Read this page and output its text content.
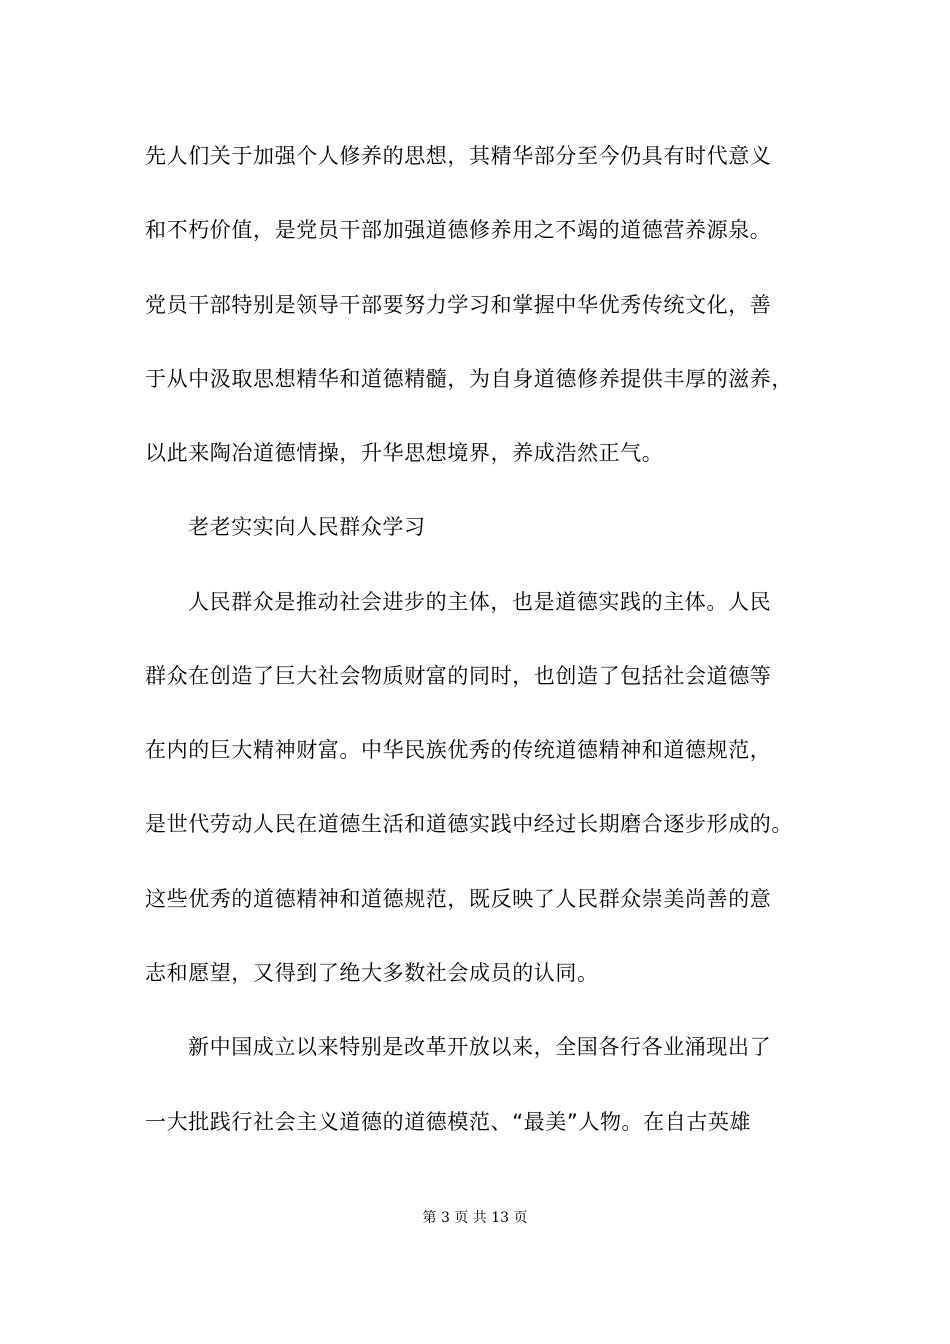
先人们关于加强个人修养的思想，其精华部分至今仍具有时代意义
和不朽价值，是党员干部加强道德修养用之不竭的道德营养源泉。
党员干部特别是领导干部要努力学习和掌握中华优秀传统文化，善
于从中汲取思想精华和道德精髓，为自身道德修养提供丰厚的滋养，
以此来陶冶道德情操，升华思想境界，养成浩然正气。
老老实实向人民群众学习
人民群众是推动社会进步的主体，也是道德实践的主体。人民
群众在创造了巨大社会物质财富的同时，也创造了包括社会道德等
在内的巨大精神财富。中华民族优秀的传统道德精神和道德规范，
是世代劳动人民在道德生活和道德实践中经过长期磨合逐步形成的。
这些优秀的道德精神和道德规范，既反映了人民群众崇美尚善的意
志和愿望，又得到了绝大多数社会成员的认同。
新中国成立以来特别是改革开放以来，全国各行各业涌现出了
一大批践行社会主义道德的道德模范、“最美”人物。在自古英雄
第 3 页 共 13 页
